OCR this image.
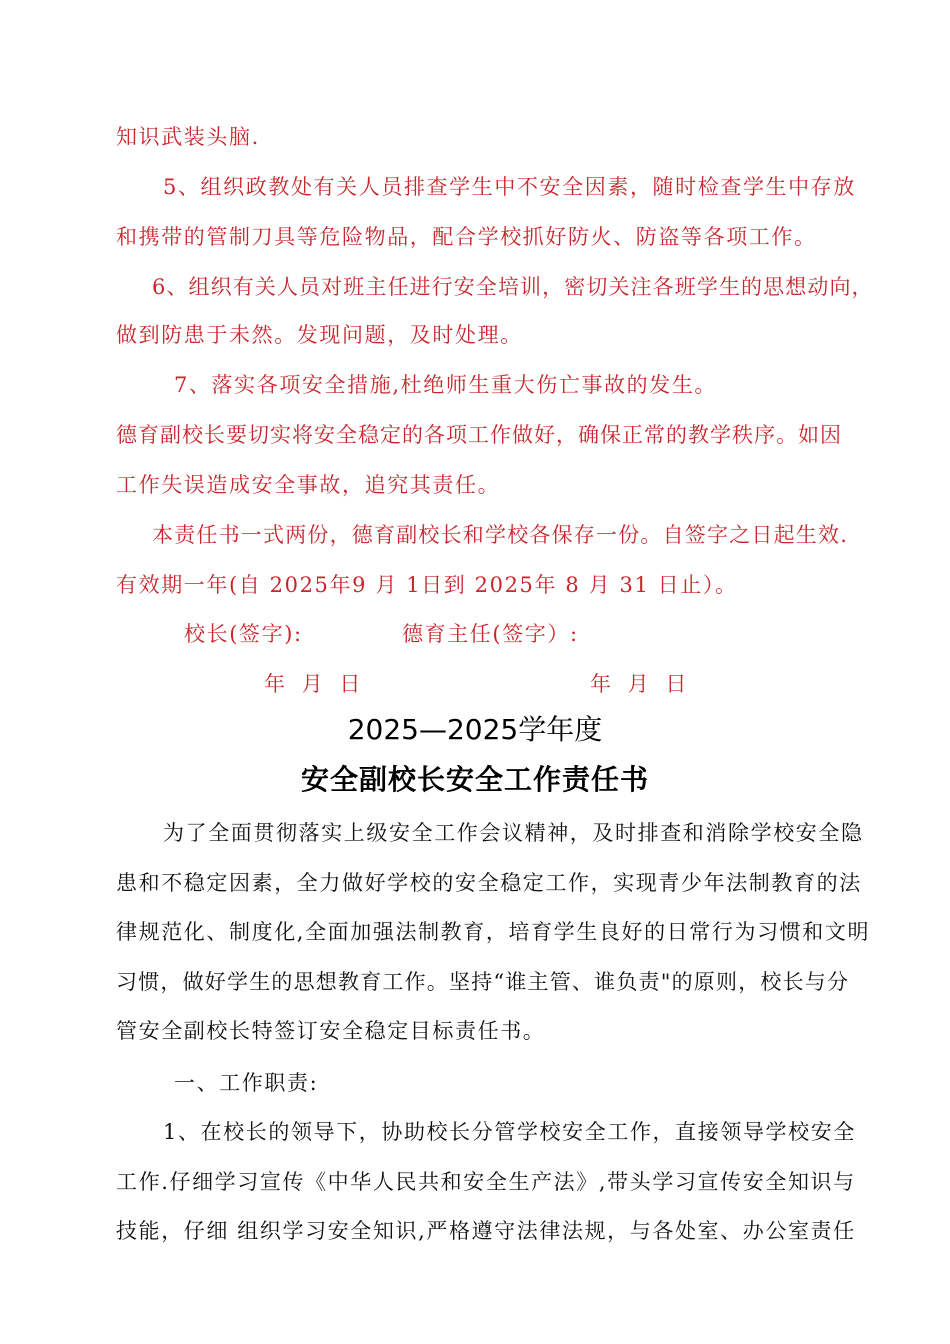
知识武装头脑.
5、组织政教处有关人员排查学生中不安全因素，随时检查学生中存放
和携带的管制刀具等危险物品，配合学校抓好防火、防盗等各项工作。
6、组织有关人员对班主任进行安全培训，密切关注各班学生的思想动向，
做到防患于未然。发现问题，及时处理。
7、落实各项安全措施,杜绝师生重大伤亡事故的发生。
德育副校长要切实将安全稳定的各项工作做好，确保正常的教学秩序。如因
工作失误造成安全事故，追究其责任。
本责任书一式两份，德育副校长和学校各保存一份。自签字之日起生效.
有效期一年(自 2025年9 月 1日到 2025年 8 月 31 日止）。
校长(签字):	德育主任(签字）:
年 月 日	年 月 日
2025—2025学年度
安全副校长安全工作责任书
为了全面贯彻落实上级安全工作会议精神，及时排查和消除学校安全隐
患和不稳定因素，全力做好学校的安全稳定工作，实现青少年法制教育的法
律规范化、制度化,全面加强法制教育，培育学生良好的日常行为习惯和文明
习惯，做好学生的思想教育工作。坚持“谁主管、谁负责"的原则，校长与分
管安全副校长特签订安全稳定目标责任书。
一、工作职责:
1、在校长的领导下，协助校长分管学校安全工作，直接领导学校安全
工作.仔细学习宣传《中华人民共和安全生产法》,带头学习宣传安全知识与
技能，仔细 组织学习安全知识,严格遵守法律法规，与各处室、办公室责任
